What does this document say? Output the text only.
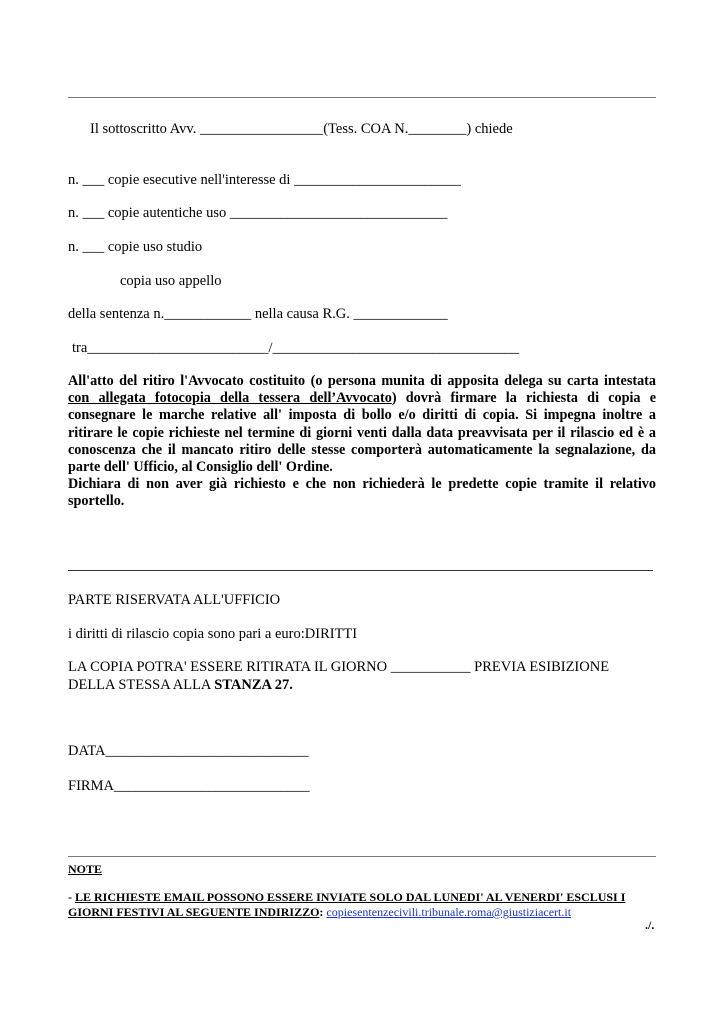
Il sottoscritto Avv. _________________(Tess. COA N.________) chiede
n. ___ copie esecutive nell'interesse di _______________________
n. ___ copie autentiche uso ______________________________
n. ___ copie uso studio
copia uso appello
della sentenza n.____________ nella causa R.G. _____________
tra_________________________/__________________________________
All'atto del ritiro l'Avvocato costituito (o persona munita di apposita delega su carta intestata con allegata fotocopia della tessera dell’Avvocato) dovrà firmare la richiesta di copia e consegnare le marche relative all' imposta di bollo e/o diritti di copia. Si impegna inoltre a ritirare le copie richieste nel termine di giorni venti dalla data preavvisata per il rilascio ed è a conoscenza che il mancato ritiro delle stesse comporterà automaticamente la segnalazione, da parte dell' Ufficio, al Consiglio dell' Ordine.
Dichiara di non aver già richiesto e che non richiederà le predette copie tramite il relativo sportello.
PARTE RISERVATA ALL'UFFICIO
i diritti di rilascio copia sono pari a euro:DIRITTI
LA COPIA POTRA' ESSERE RITIRATA IL GIORNO ___________ PREVIA ESIBIZIONE
DELLA STESSA ALLA STANZA 27.
DATA____________________________
FIRMA___________________________
NOTE
- LE RICHIESTE EMAIL POSSONO ESSERE INVIATE SOLO DAL LUNEDI' AL VENERDI' ESCLUSI I GIORNI FESTIVI AL SEGUENTE INDIRIZZO: copiesentenzecivili.tribunale.roma@giustiziacert.it
./.
